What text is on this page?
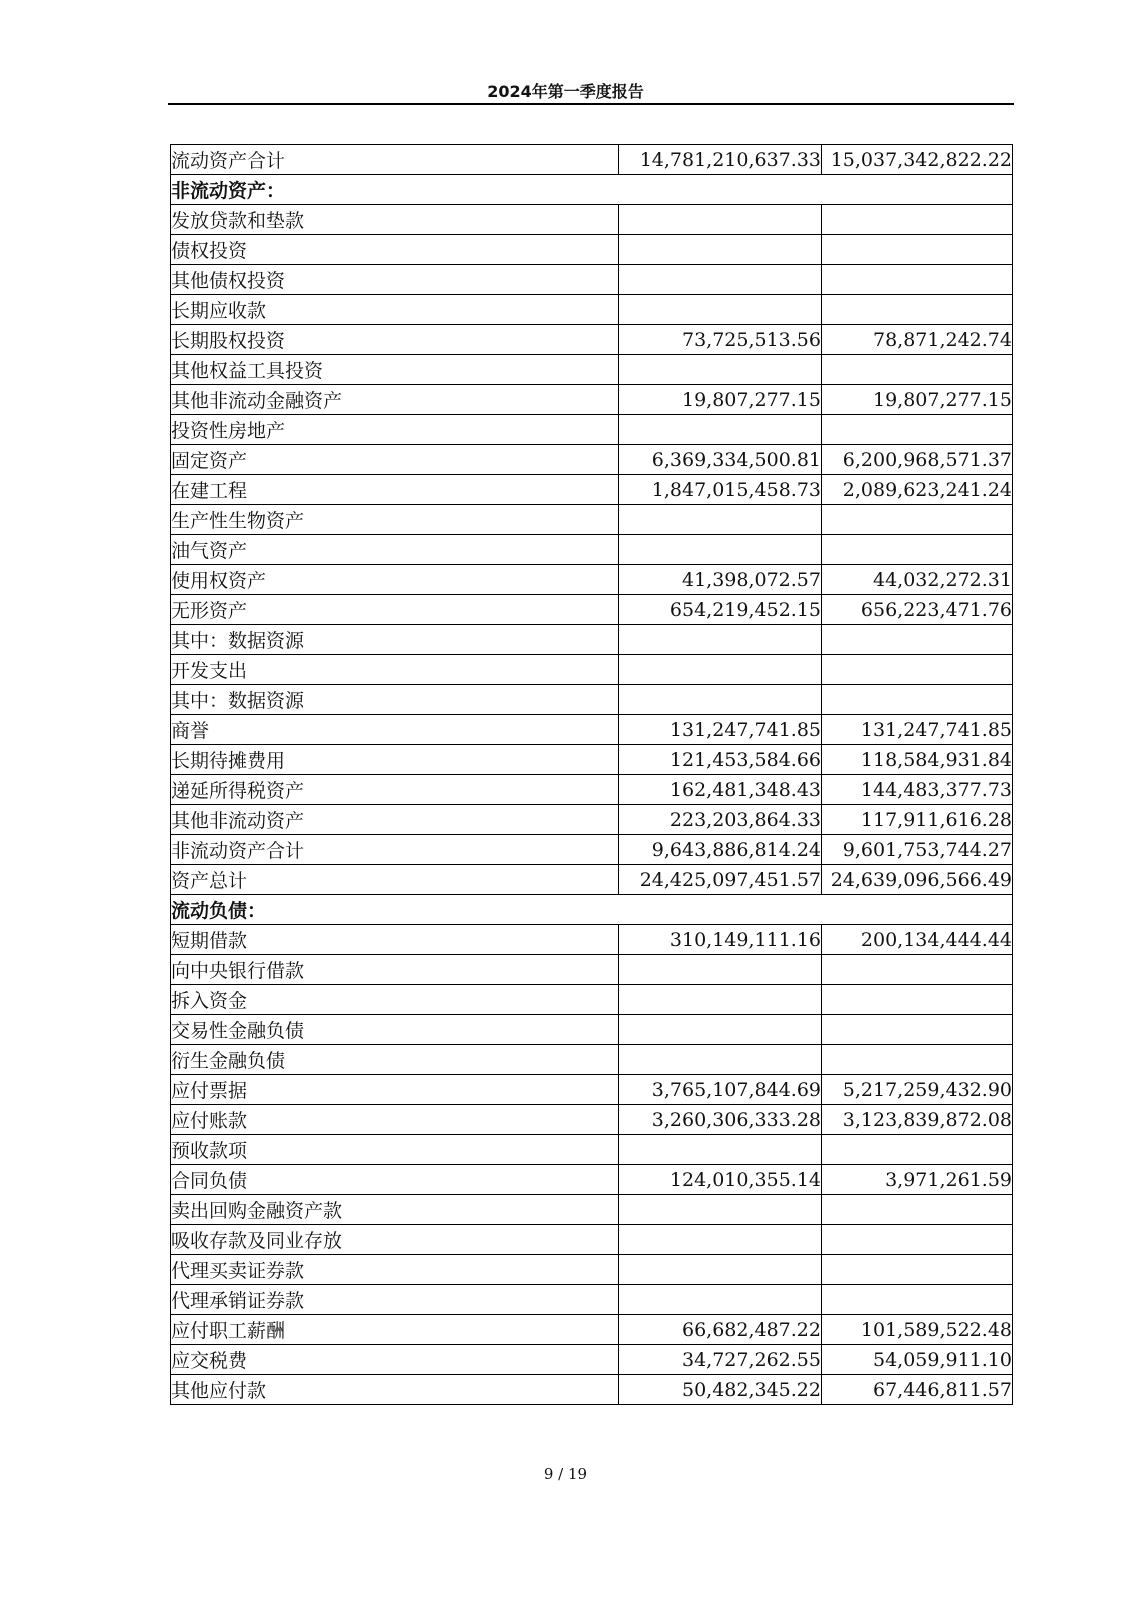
2024年第一季度报告
流动资产合计	14,781,210,637.33	15,037,342,822.22
非流动资产：		
发放贷款和垫款		
债权投资		
其他债权投资		
长期应收款		
长期股权投资	73,725,513.56	78,871,242.74
其他权益工具投资		
其他非流动金融资产	19,807,277.15	19,807,277.15
投资性房地产		
固定资产	6,369,334,500.81	6,200,968,571.37
在建工程	1,847,015,458.73	2,089,623,241.24
生产性生物资产		
油气资产		
使用权资产	41,398,072.57	44,032,272.31
无形资产	654,219,452.15	656,223,471.76
其中：数据资源		
开发支出		
其中：数据资源		
商誉	131,247,741.85	131,247,741.85
长期待摊费用	121,453,584.66	118,584,931.84
递延所得税资产	162,481,348.43	144,483,377.73
其他非流动资产	223,203,864.33	117,911,616.28
非流动资产合计	9,643,886,814.24	9,601,753,744.27
资产总计	24,425,097,451.57	24,639,096,566.49
流动负债：		
短期借款	310,149,111.16	200,134,444.44
向中央银行借款		
拆入资金		
交易性金融负债		
衍生金融负债		
应付票据	3,765,107,844.69	5,217,259,432.90
应付账款	3,260,306,333.28	3,123,839,872.08
预收款项		
合同负债	124,010,355.14	3,971,261.59
卖出回购金融资产款		
吸收存款及同业存放		
代理买卖证券款		
代理承销证券款		
应付职工薪酬	66,682,487.22	101,589,522.48
应交税费	34,727,262.55	54,059,911.10
其他应付款	50,482,345.22	67,446,811.57
9 / 19
